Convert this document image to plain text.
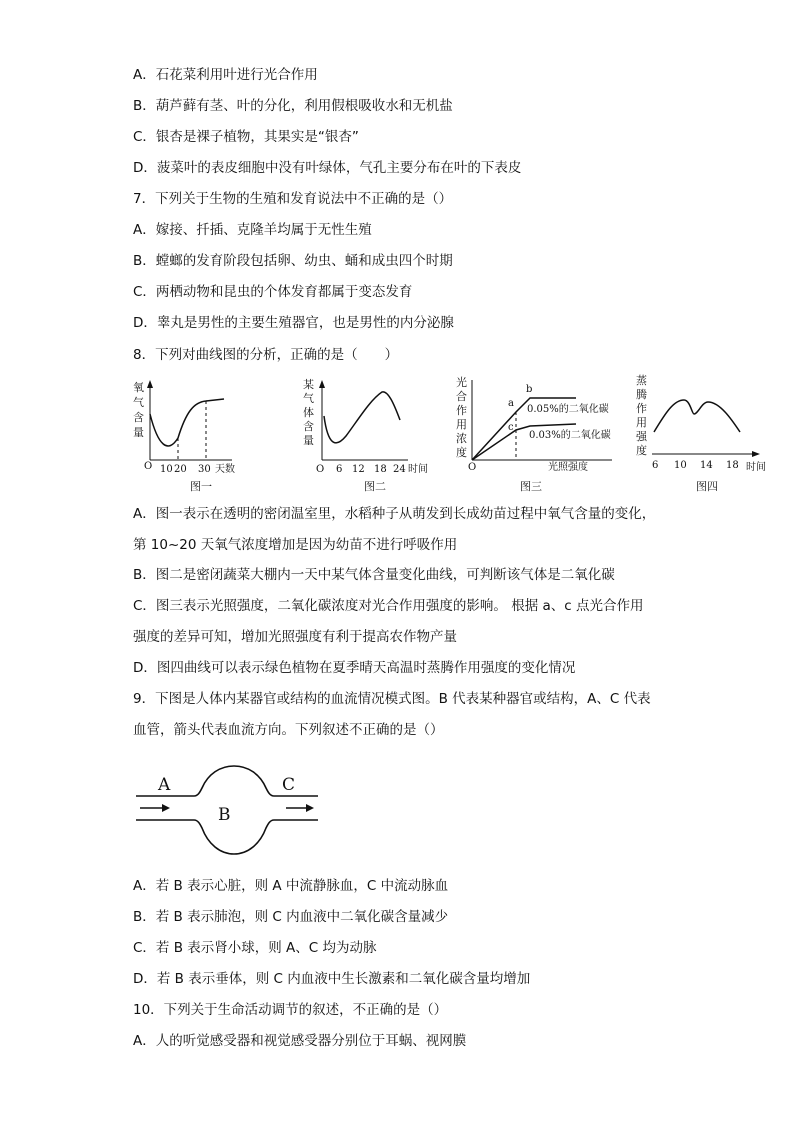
A．石花菜利用叶进行光合作用
B．葫芦藓有茎、叶的分化，利用假根吸收水和无机盐
C．银杏是裸子植物，其果实是“银杏”
D．菠菜叶的表皮细胞中没有叶绿体，气孔主要分布在叶的下表皮
7．下列关于生物的生殖和发育说法中不正确的是（）
A．嫁接、扦插、克隆羊均属于无性生殖
B．螳螂的发育阶段包括卵、幼虫、蛹和成虫四个时期
C．两栖动物和昆虫的个体发育都属于变态发育
D．睾丸是男性的主要生殖器官，也是男性的内分泌腺
8．下列对曲线图的分析，正确的是（　　）
氧 气 含 量
O 10 20 30 天数
图一
某 气 体 含 量
O 6 12 18 24 时间
图二
光 合 作 用 浓 度
a
b
c
0.05%的二氧化碳
0.03%的二氧化碳
O	光照强度
图三
蒸 腾 作 用 强 度
6 10 14 18 时间
图四
A．图一表示在透明的密闭温室里，水稻种子从萌发到长成幼苗过程中氧气含量的变化，
第 10~20 天氧气浓度增加是因为幼苗不进行呼吸作用
B．图二是密闭蔬菜大棚内一天中某气体含量变化曲线，可判断该气体是二氧化碳
C．图三表示光照强度，二氧化碳浓度对光合作用强度的影响。 根据 a、c 点光合作用
强度的差异可知，增加光照强度有利于提高农作物产量
D．图四曲线可以表示绿色植物在夏季晴天高温时蒸腾作用强度的变化情况
9．下图是人体内某器官或结构的血流情况模式图。B 代表某种器官或结构，A、C 代表
血管，箭头代表血流方向。下列叙述不正确的是（）
A
B
C
A．若 B 表示心脏，则 A 中流静脉血，C 中流动脉血
B．若 B 表示肺泡，则 C 内血液中二氧化碳含量减少
C．若 B 表示肾小球，则 A、C 均为动脉
D．若 B 表示垂体，则 C 内血液中生长激素和二氧化碳含量均增加
10．下列关于生命活动调节的叙述，不正确的是（）
A．人的听觉感受器和视觉感受器分别位于耳蜗、视网膜
